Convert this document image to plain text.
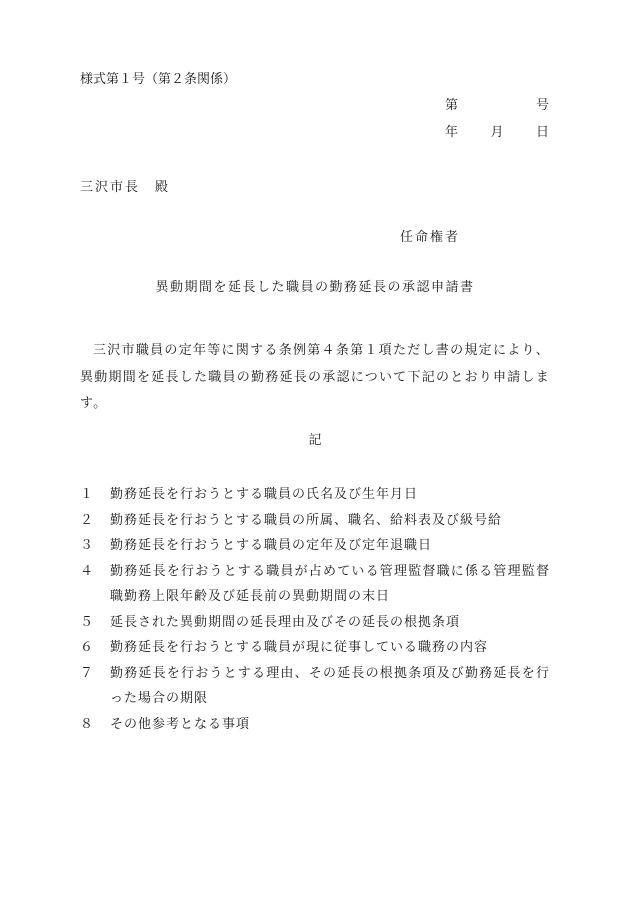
様式第１号（第２条関係）
第	号
年 月 日
三沢市長　殿
任命権者
異動期間を延長した職員の勤務延長の承認申請書

三沢市職員の定年等に関する条例第４条第１項ただし書の規定により、異動期間を延長した職員の勤務延長の承認について下記のとおり申請します。

記
１	勤務延長を行おうとする職員の氏名及び生年月日
２	勤務延長を行おうとする職員の所属、職名、給料表及び級号給
３	勤務延長を行おうとする職員の定年及び定年退職日
４	勤務延長を行おうとする職員が占めている管理監督職に係る管理監督職勤務上限年齢及び延長前の異動期間の末日
５	延長された異動期間の延長理由及びその延長の根拠条項
６	勤務延長を行おうとする職員が現に従事している職務の内容
７	勤務延長を行おうとする理由、その延長の根拠条項及び勤務延長を行った場合の期限
８	その他参考となる事項
